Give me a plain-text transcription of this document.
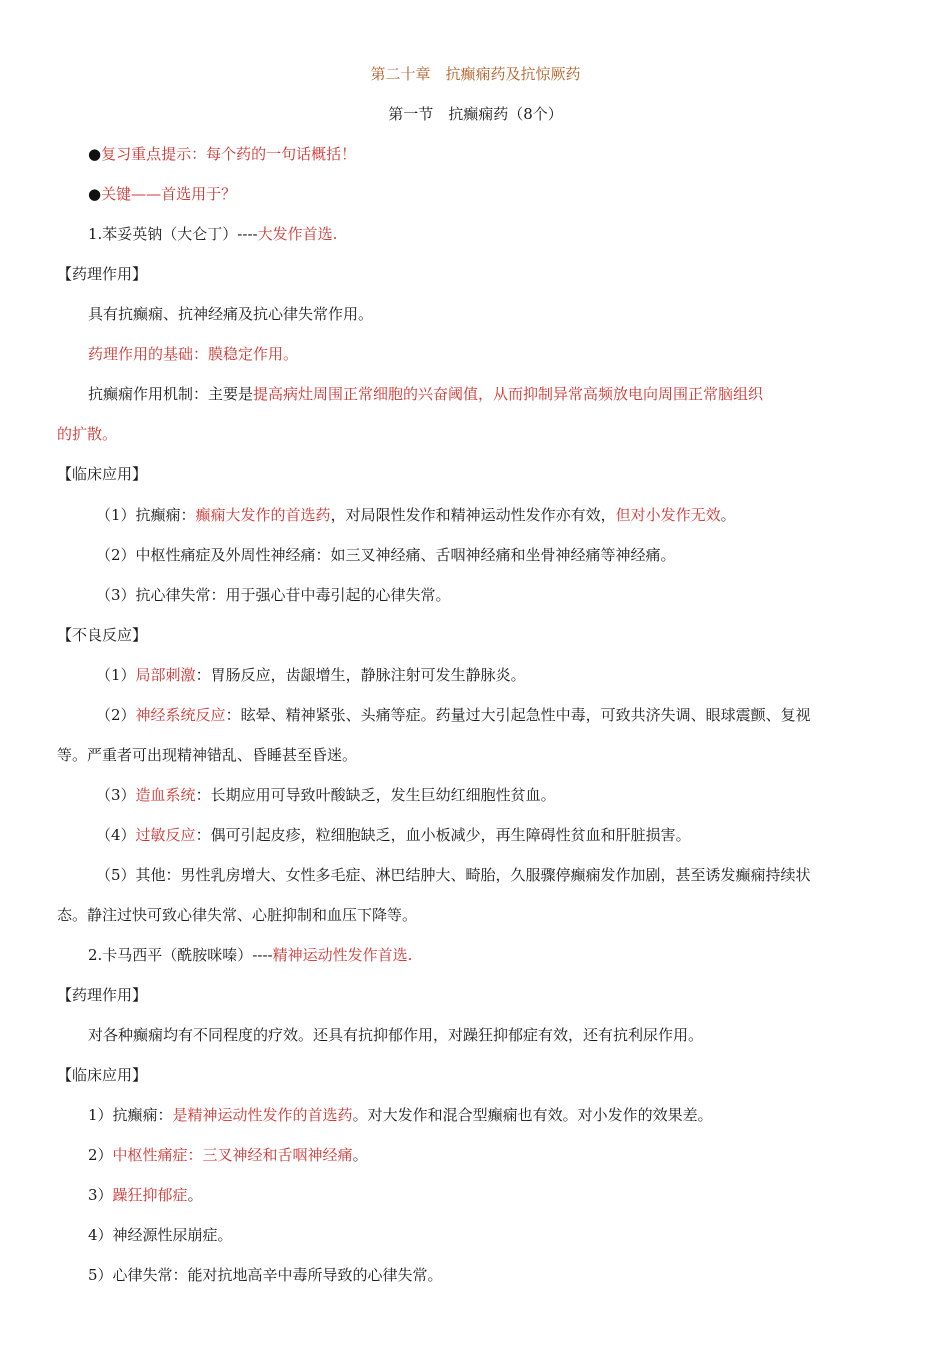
第二十章　抗癫痫药及抗惊厥药
第一节　抗癫痫药（8个）
●复习重点提示：每个药的一句话概括！
●关键——首选用于？
1.苯妥英钠（大仑丁）----大发作首选.
【药理作用】
具有抗癫痫、抗神经痛及抗心律失常作用。
药理作用的基础：膜稳定作用。
抗癫痫作用机制：主要是提高病灶周围正常细胞的兴奋阈值，从而抑制异常高频放电向周围正常脑组织
的扩散。
【临床应用】
（1）抗癫痫：癫痫大发作的首选药，对局限性发作和精神运动性发作亦有效，但对小发作无效。
（2）中枢性痛症及外周性神经痛：如三叉神经痛、舌咽神经痛和坐骨神经痛等神经痛。
（3）抗心律失常：用于强心苷中毒引起的心律失常。
【不良反应】
（1）局部刺激：胃肠反应，齿龈增生，静脉注射可发生静脉炎。
（2）神经系统反应：眩晕、精神紧张、头痛等症。药量过大引起急性中毒，可致共济失调、眼球震颤、复视
等。严重者可出现精神错乱、昏睡甚至昏迷。
（3）造血系统：长期应用可导致叶酸缺乏，发生巨幼红细胞性贫血。
（4）过敏反应：偶可引起皮疹，粒细胞缺乏，血小板减少，再生障碍性贫血和肝脏损害。
（5）其他：男性乳房增大、女性多毛症、淋巴结肿大、畸胎，久服骤停癫痫发作加剧，甚至诱发癫痫持续状
态。静注过快可致心律失常、心脏抑制和血压下降等。
2.卡马西平（酰胺咪嗪）----精神运动性发作首选.
【药理作用】
对各种癫痫均有不同程度的疗效。还具有抗抑郁作用，对躁狂抑郁症有效，还有抗利尿作用。
【临床应用】
1）抗癫痫：是精神运动性发作的首选药。对大发作和混合型癫痫也有效。对小发作的效果差。
2）中枢性痛症：三叉神经和舌咽神经痛。
3）躁狂抑郁症。
4）神经源性尿崩症。
5）心律失常：能对抗地高辛中毒所导致的心律失常。
